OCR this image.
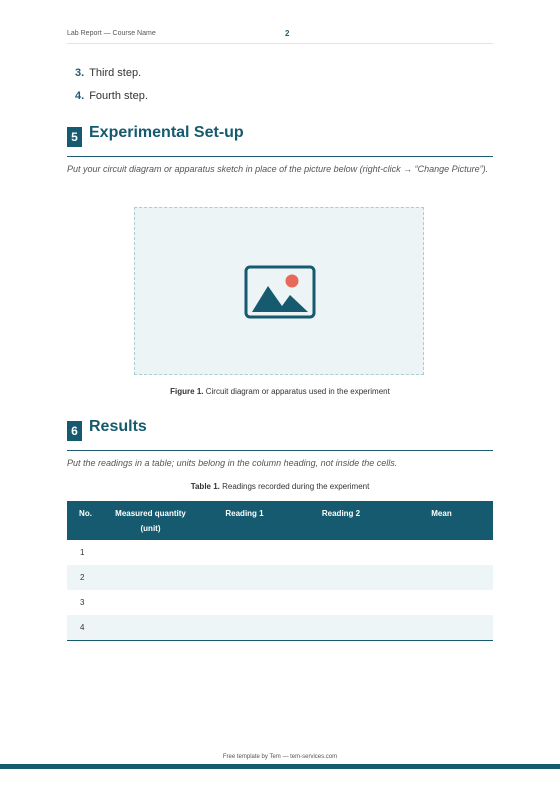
Lab Report — Course Name	2
3. Third step.
4. Fourth step.
5 Experimental Set-up
Put your circuit diagram or apparatus sketch in place of the picture below (right-click → “Change Picture”).
Figure 1. Circuit diagram or apparatus used in the experiment
6 Results
Put the readings in a table; units belong in the column heading, not inside the cells.
Table 1. Readings recorded during the experiment
No.	Measured quantity (unit)	Reading 1	Reading 2	Mean
1				
2				
3				
4				
Free template by Tem — tem-services.com
